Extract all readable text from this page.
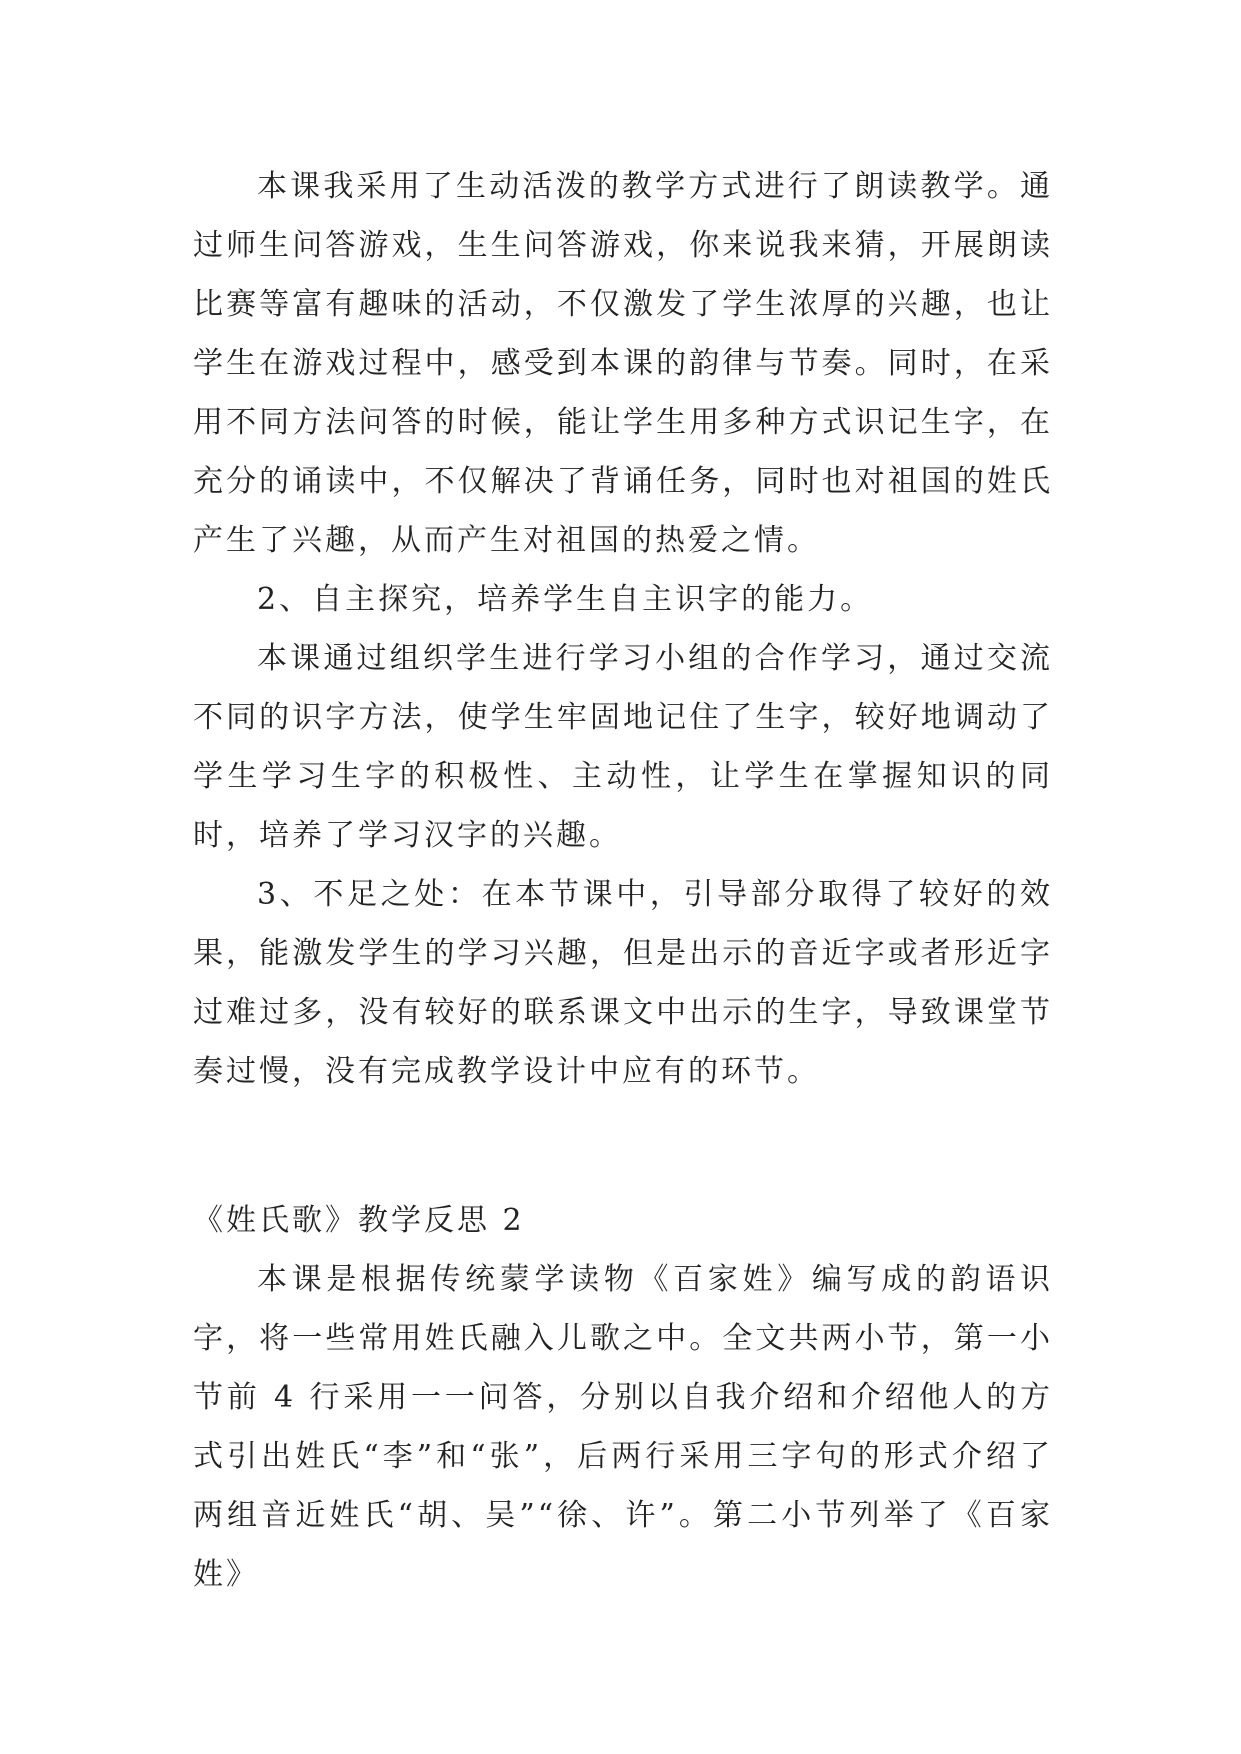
本课我采用了生动活泼的教学方式进行了朗读教学。通过师生问答游戏，生生问答游戏，你来说我来猜，开展朗读比赛等富有趣味的活动，不仅激发了学生浓厚的兴趣，也让学生在游戏过程中，感受到本课的韵律与节奏。同时，在采用不同方法问答的时候，能让学生用多种方式识记生字，在充分的诵读中，不仅解决了背诵任务，同时也对祖国的姓氏产生了兴趣，从而产生对祖国的热爱之情。

2、自主探究，培养学生自主识字的能力。

本课通过组织学生进行学习小组的合作学习，通过交流不同的识字方法，使学生牢固地记住了生字，较好地调动了学生学习生字的积极性、主动性，让学生在掌握知识的同时，培养了学习汉字的兴趣。

3、不足之处：在本节课中，引导部分取得了较好的效果，能激发学生的学习兴趣，但是出示的音近字或者形近字过难过多，没有较好的联系课文中出示的生字，导致课堂节奏过慢，没有完成教学设计中应有的环节。

《姓氏歌》教学反思 2

本课是根据传统蒙学读物《百家姓》编写成的韵语识字，将一些常用姓氏融入儿歌之中。全文共两小节，第一小节前 4 行采用一一问答，分别以自我介绍和介绍他人的方式引出姓氏“李”和“张”，后两行采用三字句的形式介绍了两组音近姓氏“胡、吴”“徐、许”。第二小节列举了《百家姓》
